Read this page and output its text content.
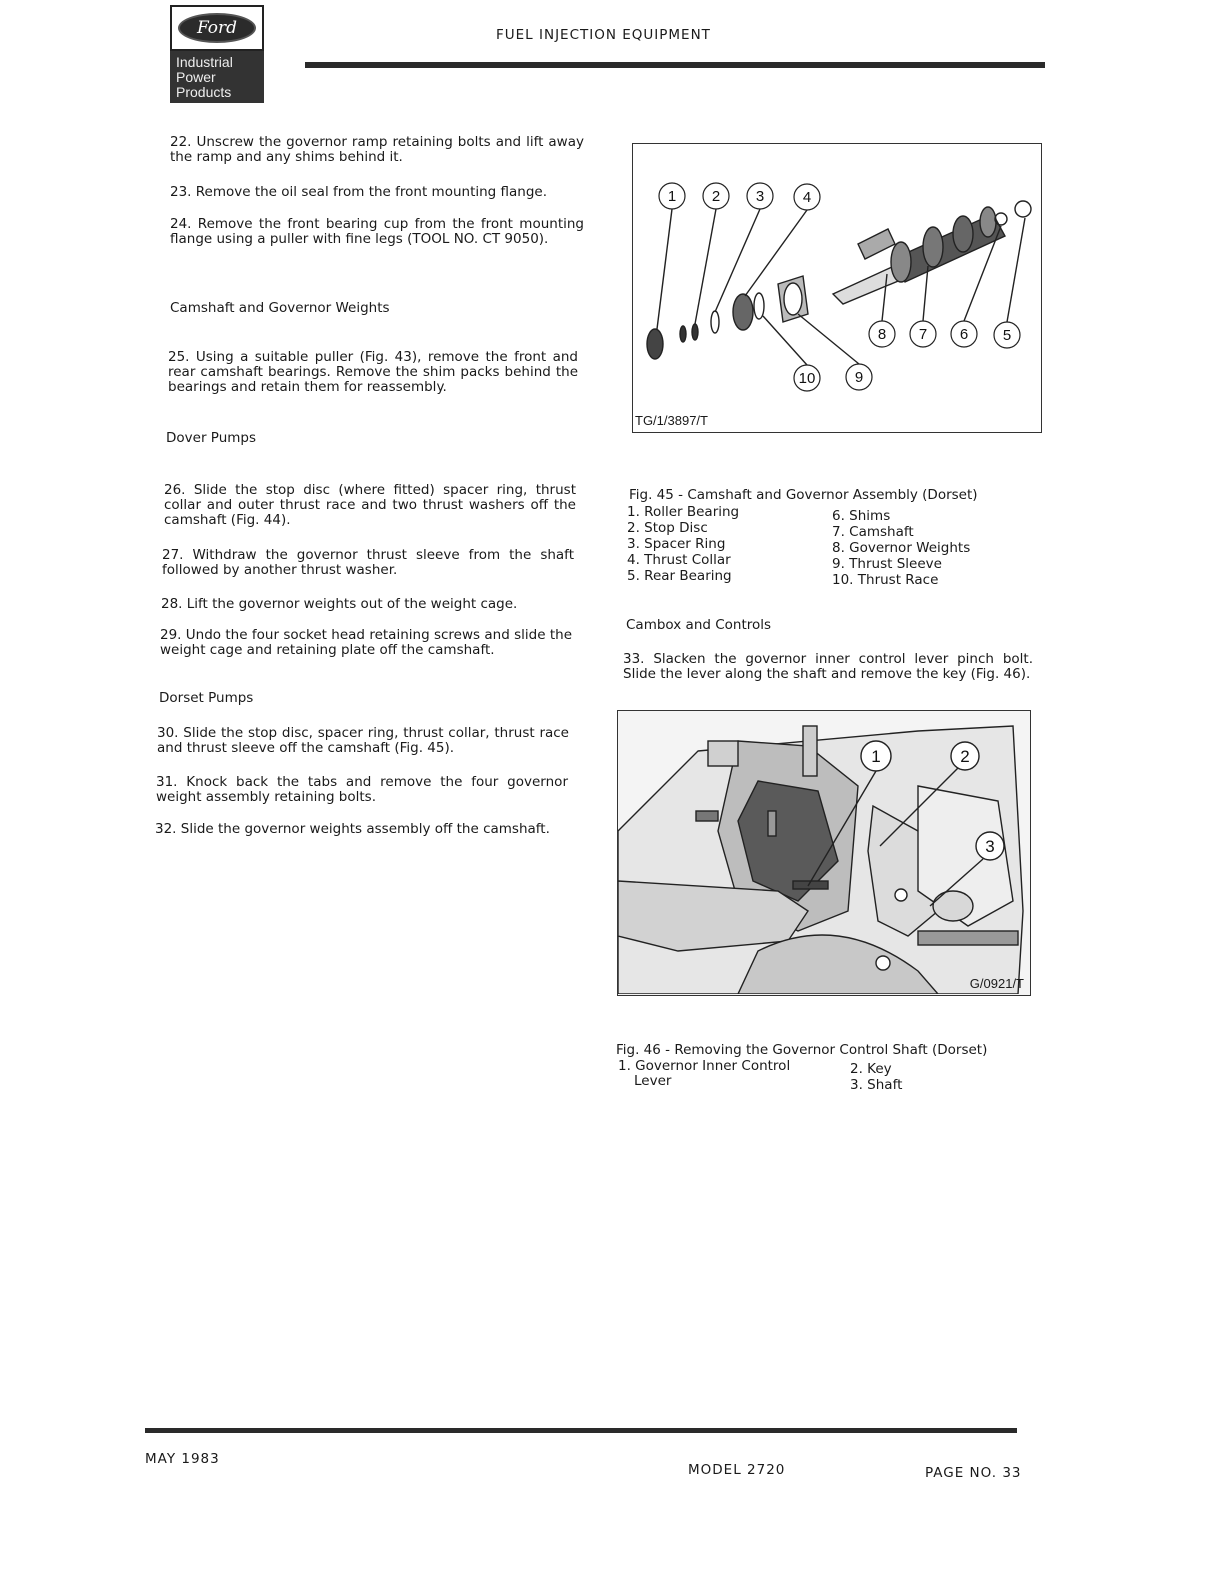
Ford
Industrial
Power
Products
FUEL INJECTION EQUIPMENT
22. Unscrew the governor ramp retaining bolts and lift away the ramp and any shims behind it.
23. Remove the oil seal from the front mounting flange.
24. Remove the front bearing cup from the front mounting flange using a puller with fine legs (TOOL NO. CT 9050).
Camshaft and Governor Weights
25. Using a suitable puller (Fig. 43), remove the front and rear camshaft bearings. Remove the shim packs behind the bearings and retain them for reassembly.
Dover Pumps
26. Slide the stop disc (where fitted) spacer ring, thrust collar and outer thrust race and two thrust washers off the camshaft (Fig. 44).
27. Withdraw the governor thrust sleeve from the shaft followed by another thrust washer.
28. Lift the governor weights out of the weight cage.
29. Undo the four socket head retaining screws and slide the weight cage and retaining plate off the camshaft.
Dorset Pumps
30. Slide the stop disc, spacer ring, thrust collar, thrust race and thrust sleeve off the camshaft (Fig. 45).
31. Knock back the tabs and remove the four governor weight assembly retaining bolts.
32. Slide the governor weights assembly off the camshaft.
1 2 3	4
5
6
7
8
9
10
TG/1/3897/T
Fig. 45 - Camshaft and Governor Assembly (Dorset)
1. Roller Bearing
2. Stop Disc
3. Spacer Ring
4. Thrust Collar
5. Rear Bearing
6. Shims
7. Camshaft
8. Governor Weights
9. Thrust Sleeve
10. Thrust Race
Cambox and Controls
33. Slacken the governor inner control lever pinch bolt. Slide the lever along the shaft and remove the key (Fig. 46).
1	2
3
G/0921/T
Fig. 46 - Removing the Governor Control Shaft (Dorset)
1. Governor Inner Control
Lever
2. Key
3. Shaft
MAY 1983
MODEL 2720	PAGE NO. 33
